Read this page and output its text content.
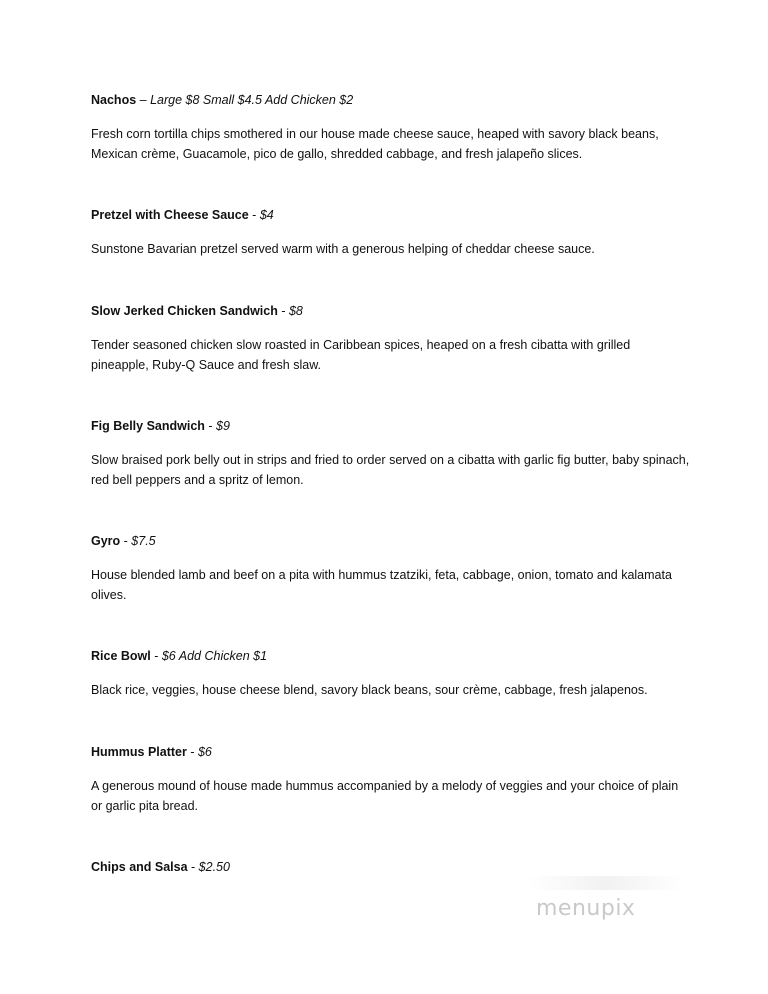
Nachos – Large $8 Small $4.5 Add Chicken $2
Fresh corn tortilla chips smothered in our house made cheese sauce, heaped with savory black beans, Mexican crème, Guacamole, pico de gallo, shredded cabbage, and fresh jalapeño slices.
Pretzel with Cheese Sauce - $4
Sunstone Bavarian pretzel served warm with a generous helping of cheddar cheese sauce.
Slow Jerked Chicken Sandwich - $8
Tender seasoned chicken slow roasted in Caribbean spices, heaped on a fresh cibatta with grilled pineapple, Ruby-Q Sauce and fresh slaw.
Fig Belly Sandwich - $9
Slow braised pork belly out in strips and fried to order served on a cibatta with garlic fig butter, baby spinach, red bell peppers and a spritz of lemon.
Gyro - $7.5
House blended lamb and beef on a pita with hummus tzatziki, feta, cabbage, onion, tomato and kalamata olives.
Rice Bowl - $6 Add Chicken $1
Black rice, veggies, house cheese blend, savory black beans, sour crème, cabbage, fresh jalapenos.
Hummus Platter - $6
A generous mound of house made hummus accompanied by a melody of veggies and your choice of plain or garlic pita bread.
Chips and Salsa - $2.50
menupix
